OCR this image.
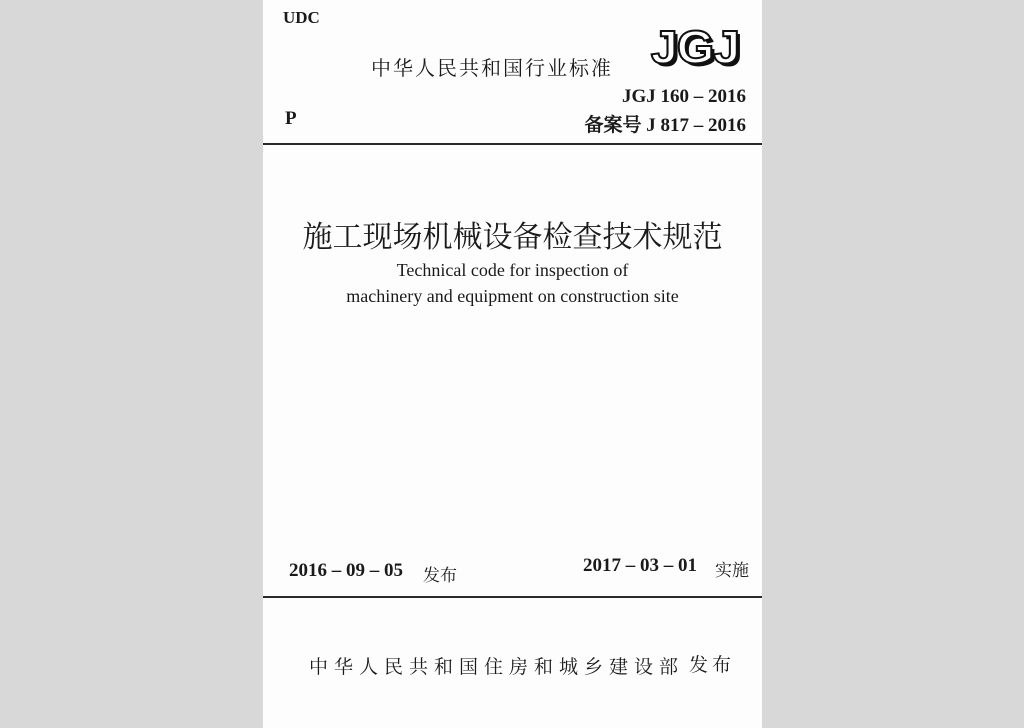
UDC
中华人民共和国行业标准 JGJ
JGJ 160 – 2016
P	备案号 J 817 – 2016
施工现场机械设备检查技术规范
Technical code for inspection of
machinery and equipment on construction site
2016 – 09 – 05 发布	2017 – 03 – 01 实施
中华人民共和国住房和城乡建设部 发布
